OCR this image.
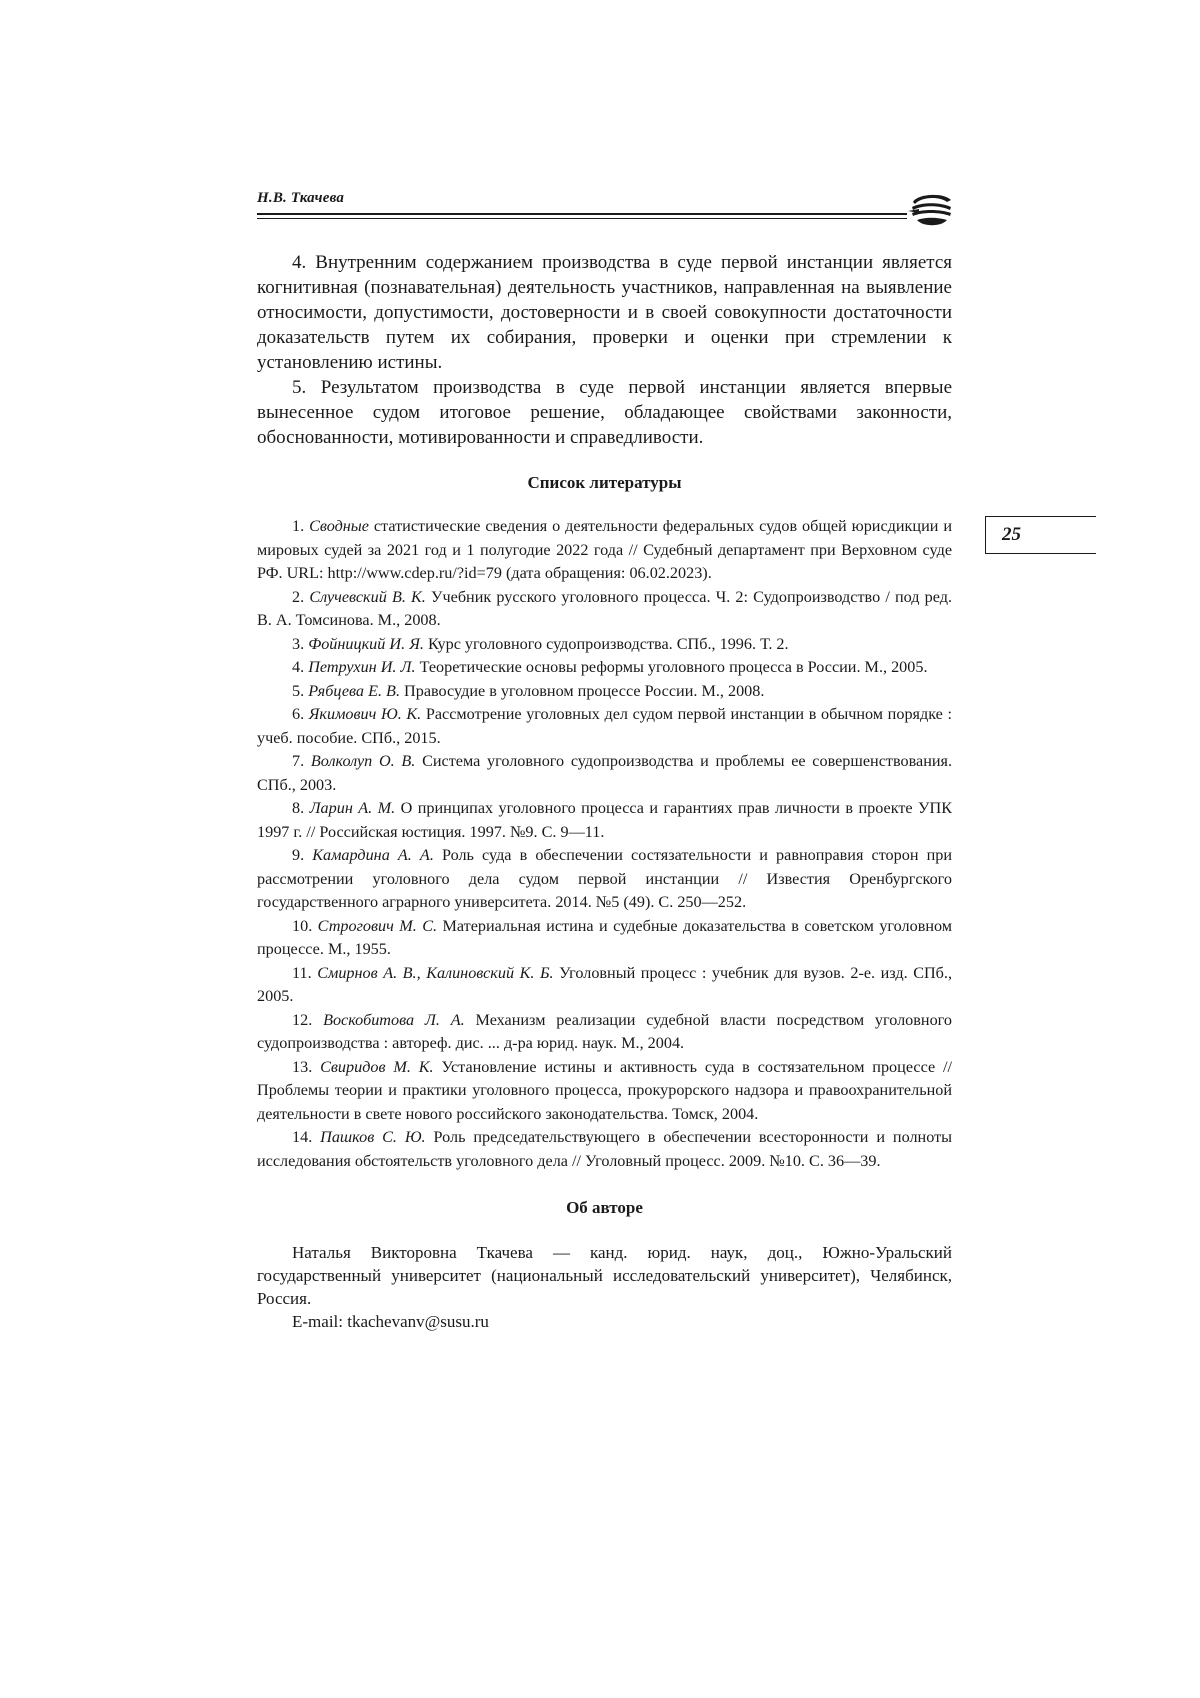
Н.В. Ткачева
25

4. Внутренним содержанием производства в суде первой инстанции является когнитивная (познавательная) деятельность участников, направленная на выявление относимости, допустимости, достоверности и в своей совокупности достаточности доказательств путем их собирания, проверки и оценки при стремлении к установлению истины.

5. Результатом производства в суде первой инстанции является впервые вынесенное судом итоговое решение, обладающее свойствами законности, обоснованности, мотивированности и справедливости.

Список литературы
1. Сводные статистические сведения о деятельности федеральных судов общей юрисдикции и мировых судей за 2021 год и 1 полугодие 2022 года // Судебный департамент при Верховном суде РФ. URL: http://www.cdep.ru/?id=79 (дата обращения: 06.02.2023).
2. Случевский В. К. Учебник русского уголовного процесса. Ч. 2: Судопроизводство / под ред. В. А. Томсинова. М., 2008.
3. Фойницкий И. Я. Курс уголовного судопроизводства. СПб., 1996. Т. 2.
4. Петрухин И. Л. Теоретические основы реформы уголовного процесса в России. М., 2005.
5. Рябцева Е. В. Правосудие в уголовном процессе России. М., 2008.
6. Якимович Ю. К. Рассмотрение уголовных дел судом первой инстанции в обычном порядке : учеб. пособие. СПб., 2015.
7. Волколуп О. В. Система уголовного судопроизводства и проблемы ее совершенствования. СПб., 2003.
8. Ларин А. М. О принципах уголовного процесса и гарантиях прав личности в проекте УПК 1997 г. // Российская юстиция. 1997. №9. С. 9—11.
9. Камардина А. А. Роль суда в обеспечении состязательности и равноправия сторон при рассмотрении уголовного дела судом первой инстанции // Известия Оренбургского государственного аграрного университета. 2014. №5 (49). С. 250—252.
10. Строгович М. С. Материальная истина и судебные доказательства в советском уголовном процессе. М., 1955.
11. Смирнов А. В., Калиновский К. Б. Уголовный процесс : учебник для вузов. 2-е. изд. СПб., 2005.
12. Воскобитова Л. А. Механизм реализации судебной власти посредством уголовного судопроизводства : автореф. дис. ... д-ра юрид. наук. М., 2004.
13. Свиридов М. К. Установление истины и активность суда в состязательном процессе // Проблемы теории и практики уголовного процесса, прокурорского надзора и правоохранительной деятельности в свете нового российского законодательства. Томск, 2004.
14. Пашков С. Ю. Роль председательствующего в обеспечении всесторонности и полноты исследования обстоятельств уголовного дела // Уголовный процесс. 2009. №10. С. 36—39.
Об авторе

Наталья Викторовна Ткачева — канд. юрид. наук, доц., Южно-Уральский государственный университет (национальный исследовательский университет), Челябинск, Россия.

E-mail: tkachevanv@susu.ru
